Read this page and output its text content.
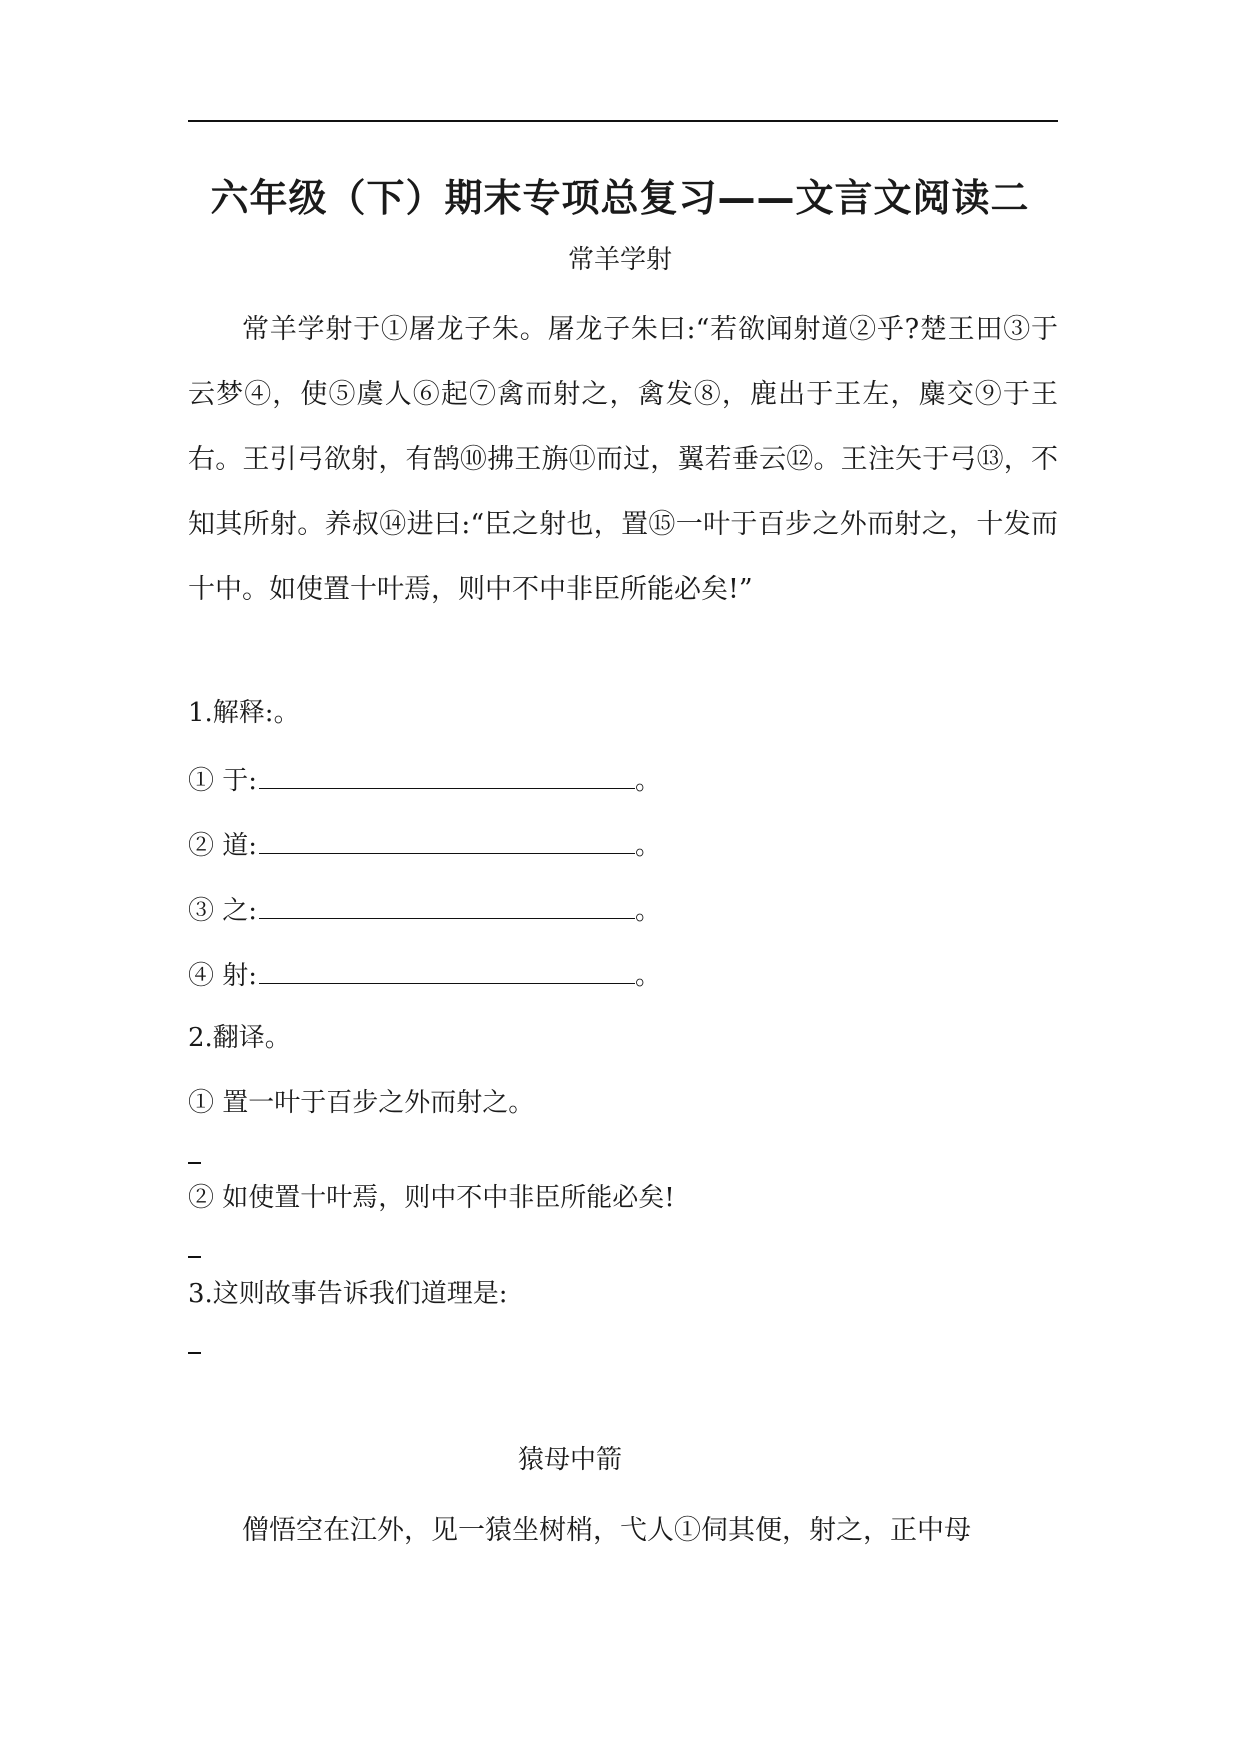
六年级（下）期末专项总复习——文言文阅读二
常羊学射

常羊学射于①屠龙子朱。屠龙子朱曰:“若欲闻射道②乎?楚王田③于云梦④，使⑤虞人⑥起⑦禽而射之，禽发⑧，鹿出于王左，麋交⑨于王右。王引弓欲射，有鹄⑩拂王旃⑪而过，翼若垂云⑫。王注矢于弓⑬，不知其所射。养叔⑭进曰:“臣之射也，置⑮一叶于百步之外而射之，十发而十中。如使置十叶焉，则中不中非臣所能必矣!”

1.解释:。
① 于:	。
② 道:	。
③ 之:	。
④ 射:	。
2.翻译。
① 置一叶于百步之外而射之。
② 如使置十叶焉，则中不中非臣所能必矣!
3.这则故事告诉我们道理是:
猿母中箭

僧悟空在江外，见一猿坐树梢，弋人①伺其便，射之，正中母
